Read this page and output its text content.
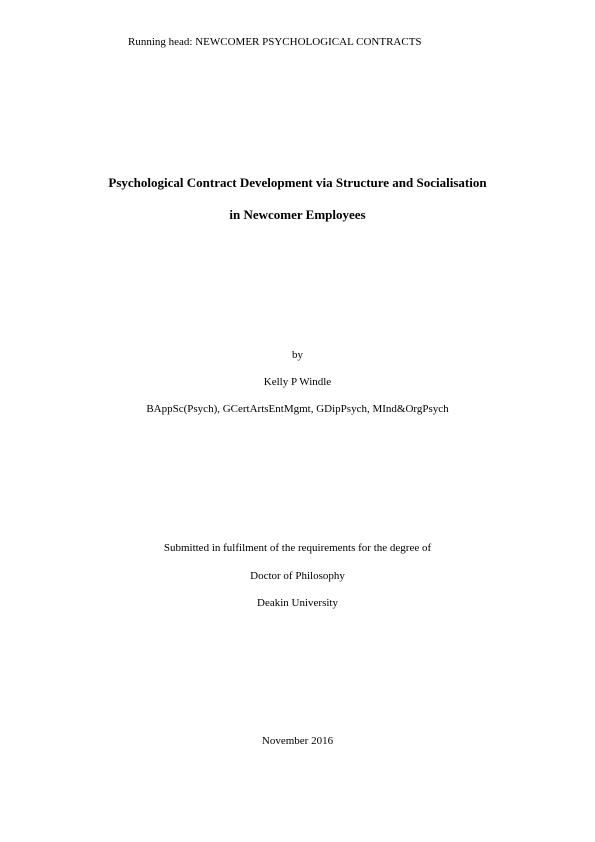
Running head: NEWCOMER PSYCHOLOGICAL CONTRACTS
Psychological Contract Development via Structure and Socialisation
in Newcomer Employees
by
Kelly P Windle
BAppSc(Psych), GCertArtsEntMgmt, GDipPsych, MInd&OrgPsych
Submitted in fulfilment of the requirements for the degree of
Doctor of Philosophy
Deakin University
November 2016
